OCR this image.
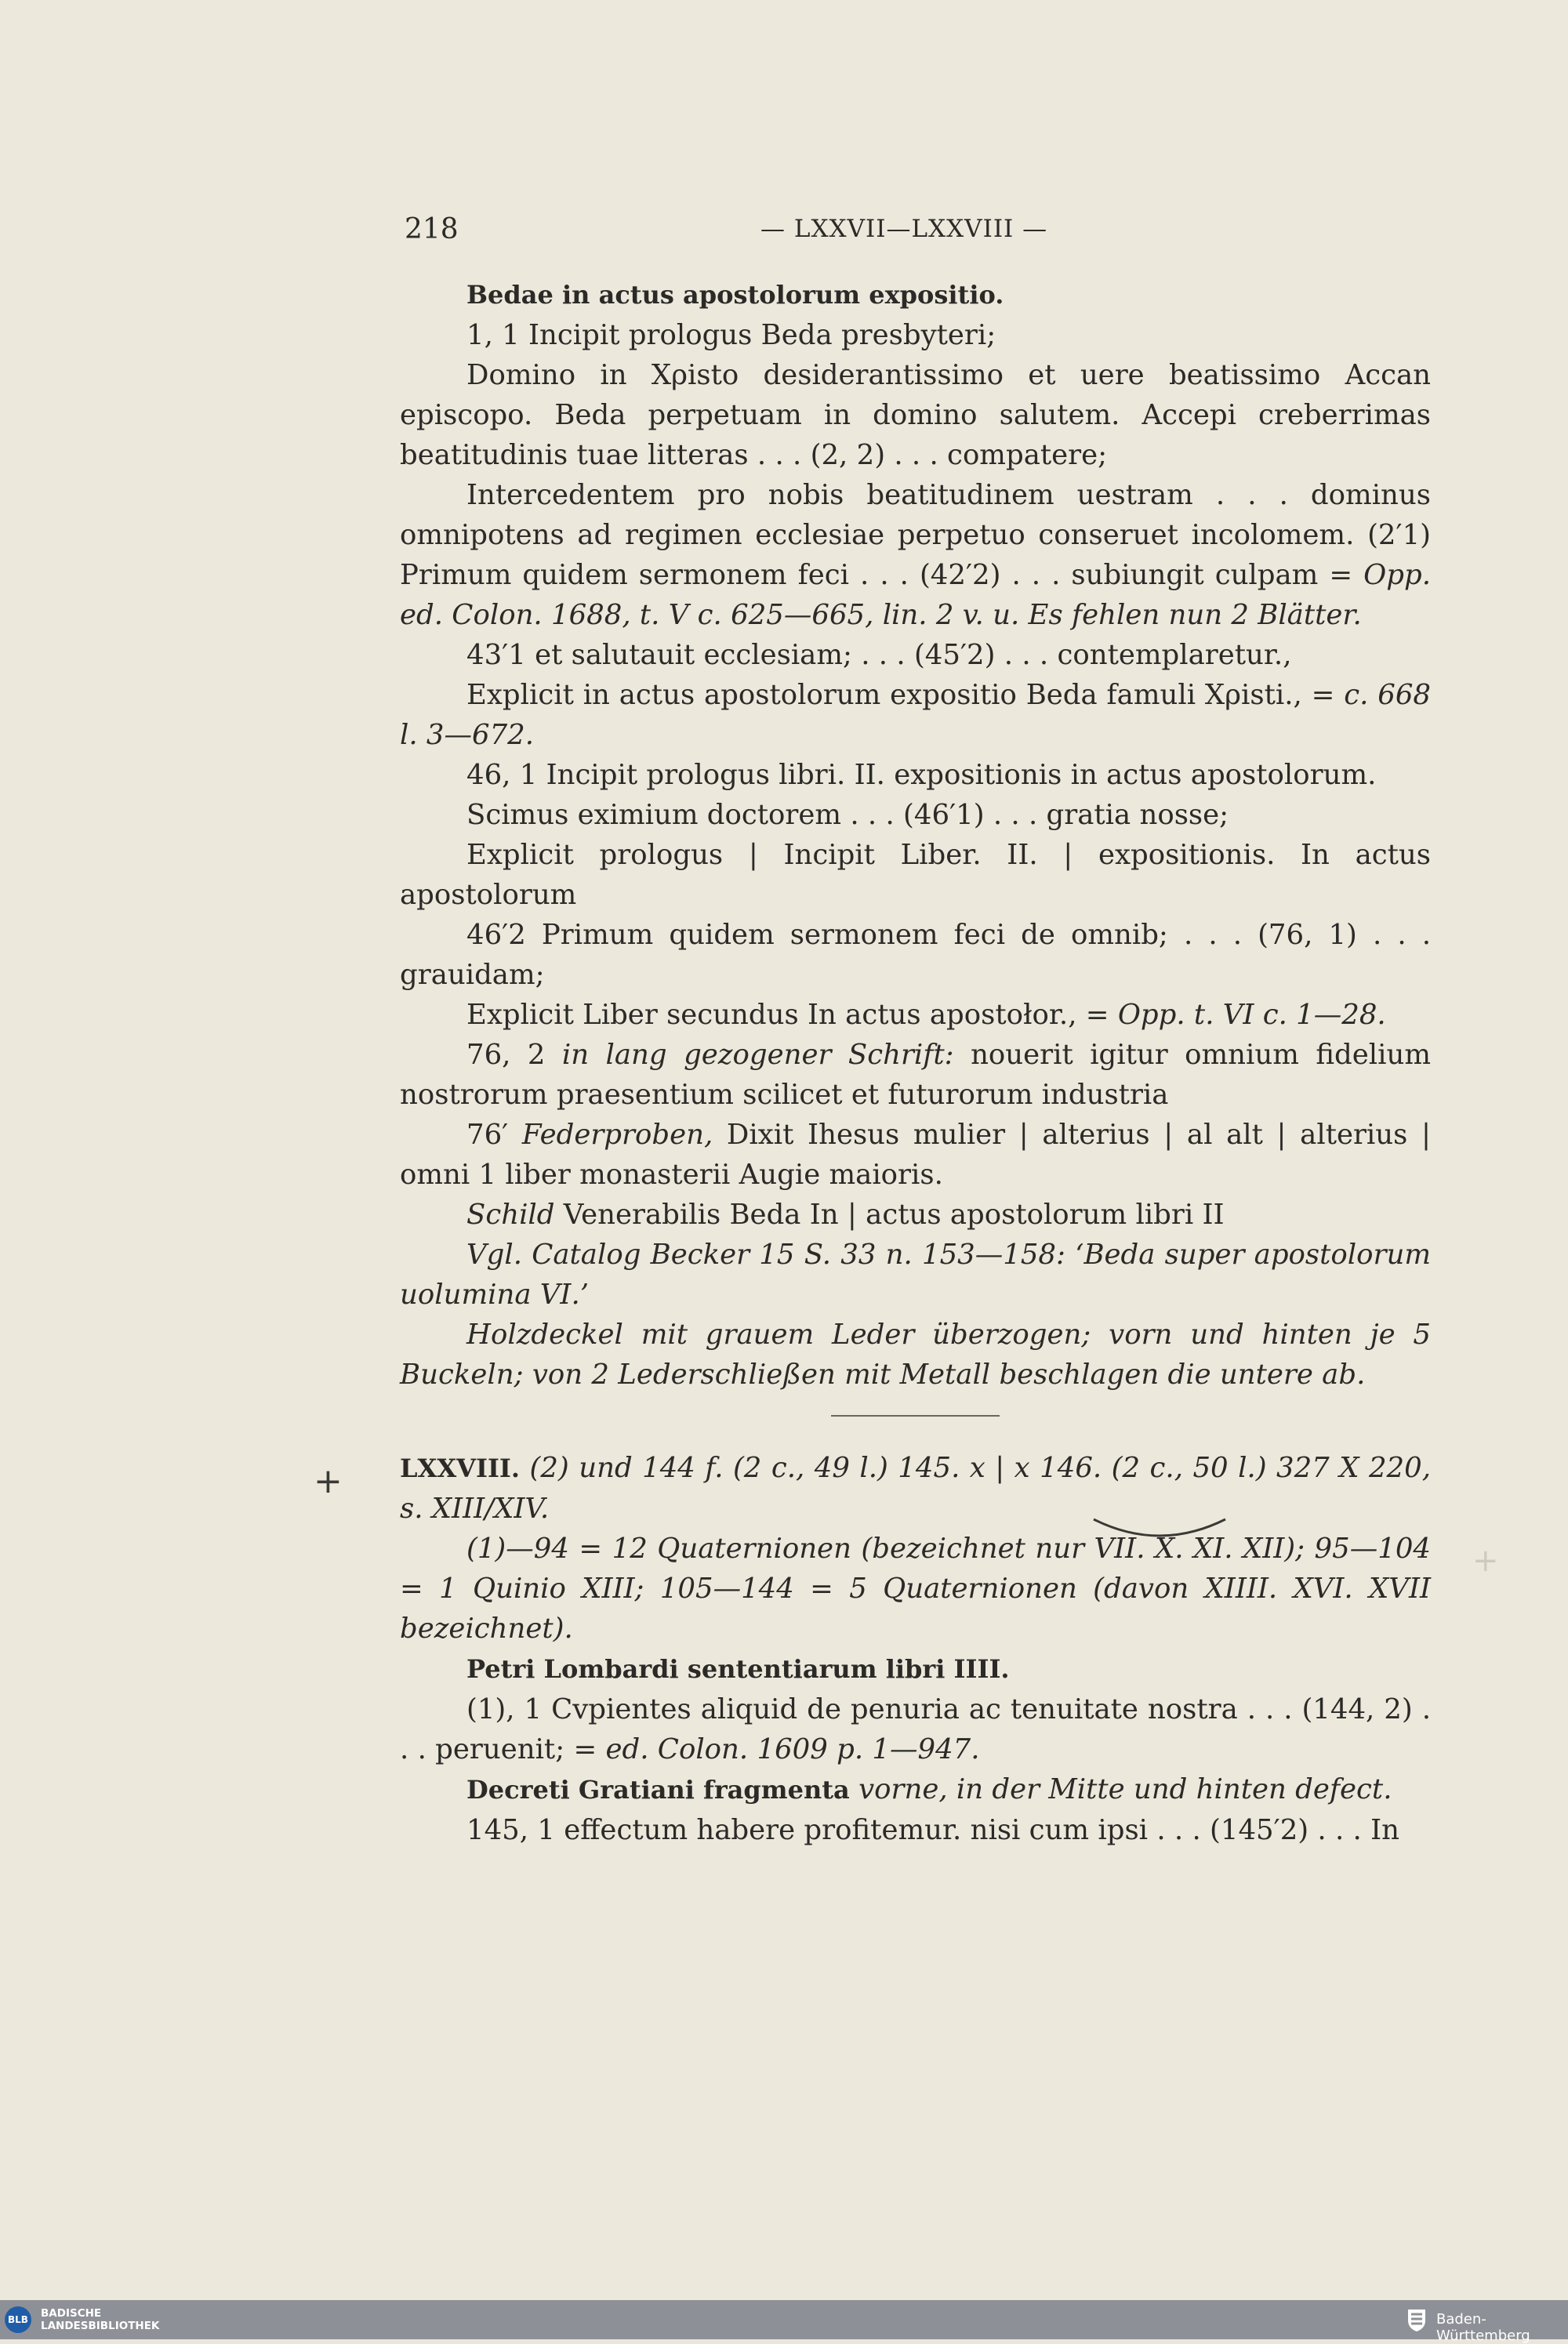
218	— LXXVII—LXXVIII —
+
+

Bedae in actus apostolorum expositio.

1, 1 Incipit prologus Beda presbyteri;

Domino in Xρisto desiderantissimo et uere beatissimo Accan episcopo. Beda perpetuam in domino salutem. Accepi creberrimas beatitudinis tuae litteras . . . (2, 2) . . . compatere;

Intercedentem pro nobis beatitudinem uestram . . . dominus omnipotens ad regimen ecclesiae perpetuo conseruet incolomem. (2′1) Primum quidem sermonem feci . . . (42′2) . . . subiungit culpam = Opp. ed. Colon. 1688, t. V c. 625—665, lin. 2 v. u. Es fehlen nun 2 Blätter.

43′1 et salutauit ecclesiam; . . . (45′2) . . . contemplaretur.,

Explicit in actus apostolorum expositio Beda famuli Xρisti., = c. 668 l. 3—672.

46, 1 Incipit prologus libri. II. expositionis in actus apostolorum.

Scimus eximium doctorem . . . (46′1) . . . gratia nosse;

Explicit prologus | Incipit Liber. II. | expositionis. In actus apostolorum

46′2 Primum quidem sermonem feci de omnib; . . . (76, 1) . . . grauidam;

Explicit Liber secundus In actus apostołor., = Opp. t. VI c. 1—28.

76, 2 in lang gezogener Schrift: nouerit igitur omnium fidelium nostrorum praesentium scilicet et futurorum industria

76′ Federproben, Dixit Ihesus mulier | alterius | al alt | alterius | omni 1 liber monasterii Augie maioris.

Schild Venerabilis Beda In | actus apostolorum libri II

Vgl. Catalog Becker 15 S. 33 n. 153—158: ‘Beda super apostolorum uolumina VI.’

Holzdeckel mit grauem Leder überzogen; vorn und hinten je 5 Buckeln; von 2 Lederschließen mit Metall beschlagen die untere ab.

LXXVIII. (2) und 144 f. (2 c., 49 l.) 145. x | x 146. (2 c., 50 l.) 327 X 220, s. XIII/XIV.

(1)—94 = 12 Quaternionen (bezeichnet nur VII. X. XI. XII); 95—104 = 1 Quinio XIII; 105—144 = 5 Quaternionen (davon XIIII. XVI. XVII bezeichnet).

Petri Lombardi sententiarum libri IIII.

(1), 1 Cvpientes aliquid de penuria ac tenuitate nostra . . . (144, 2) . . . peruenit; = ed. Colon. 1609 p. 1—947.

Decreti Gratiani fragmenta vorne, in der Mitte und hinten defect.

145, 1 effectum habere profitemur. nisi cum ipsi . . . (145′2) . . . In

BLB BADISCHE
LANDESBIBLIOTHEK	Baden-Württemberg
